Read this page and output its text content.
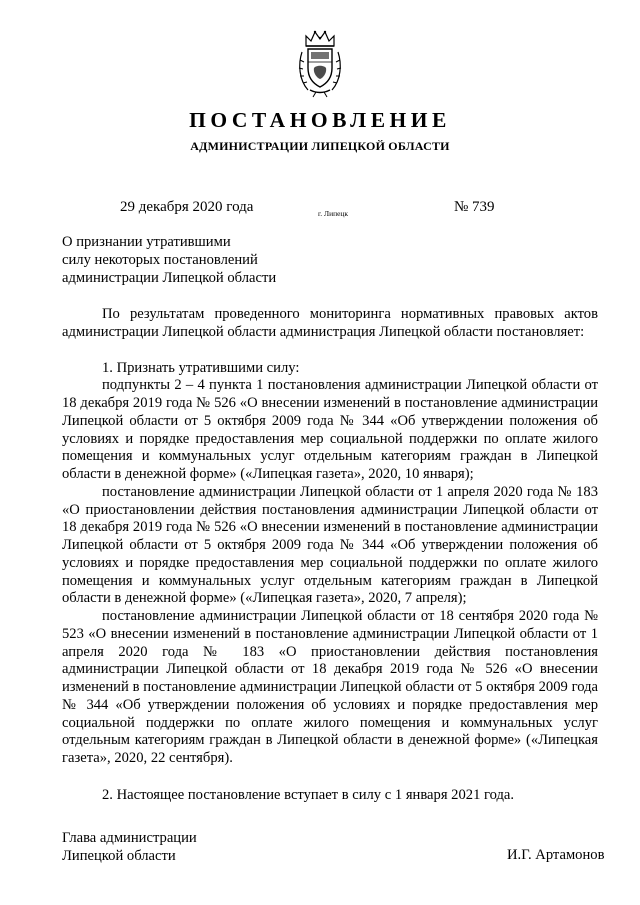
ПОСТАНОВЛЕНИЕ
АДМИНИСТРАЦИИ ЛИПЕЦКОЙ ОБЛАСТИ
29 декабря 2020 года	г. Липецк	№ 739
О признании утратившими
силу некоторых постановлений
администрации Липецкой области

По результатам проведенного мониторинга нормативных правовых актов администрации Липецкой области администрация Липецкой области постановляет:

1. Признать утратившими силу:

подпункты 2 – 4 пункта 1 постановления администрации Липецкой области от 18 декабря 2019 года № 526 «О внесении изменений в постановление администрации Липецкой области от 5 октября 2009 года № 344 «Об утверждении положения об условиях и порядке предоставления мер социальной поддержки по оплате жилого помещения и коммунальных услуг отдельным категориям граждан в Липецкой области в денежной форме» («Липецкая газета», 2020, 10 января);

постановление администрации Липецкой области от 1 апреля 2020 года № 183 «О приостановлении действия постановления администрации Липецкой области от 18 декабря 2019 года № 526 «О внесении изменений в постановление администрации Липецкой области от 5 октября 2009 года № 344 «Об утверждении положения об условиях и порядке предоставления мер социальной поддержки по оплате жилого помещения и коммунальных услуг отдельным категориям граждан в Липецкой области в денежной форме» («Липецкая газета», 2020, 7 апреля);

постановление администрации Липецкой области от 18 сентября 2020 года № 523 «О внесении изменений в постановление администрации Липецкой области от 1 апреля 2020 года № 183 «О приостановлении действия постановления администрации Липецкой области от 18 декабря 2019 года № 526 «О внесении изменений в постановление администрации Липецкой области от 5 октября 2009 года № 344 «Об утверждении положения об условиях и порядке предоставления мер социальной поддержки по оплате жилого помещения и коммунальных услуг отдельным категориям граждан в Липецкой области в денежной форме» («Липецкая газета», 2020, 22 сентября).

2. Настоящее постановление вступает в силу с 1 января 2021 года.

Глава администрации
Липецкой области	И.Г. Артамонов
